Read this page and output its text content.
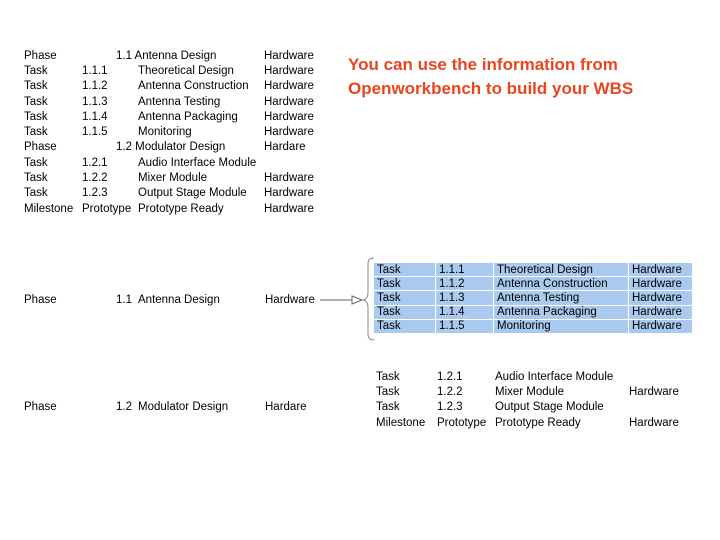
Phase		1.1 Antenna Design	Hardware
Task	1.1.1	Theoretical Design	Hardware
Task	1.1.2	Antenna Construction	Hardware
Task	1.1.3	Antenna Testing	Hardware
Task	1.1.4	Antenna Packaging	Hardware
Task	1.1.5	Monitoring	Hardware
Phase		1.2 Modulator Design	Hardare
Task	1.2.1	Audio Interface Module	
Task	1.2.2	Mixer Module	Hardware
Task	1.2.3	Output Stage Module	Hardware
Milestone	Prototype	Prototype Ready	Hardware
You can use the information from Openworkbench to build your WBS
Phase	1.1 Antenna Design	Hardware
Task	1.1.1	Theoretical Design	Hardware
Task	1.1.2	Antenna Construction	Hardware
Task	1.1.3	Antenna Testing	Hardware
Task	1.1.4	Antenna Packaging	Hardware
Task	1.1.5	Monitoring	Hardware
Phase	1.2 Modulator Design	Hardare
Task	1.2.1	Audio Interface Module	
Task	1.2.2	Mixer Module	Hardware
Task	1.2.3	Output Stage Module	
Milestone	Prototype	Prototype Ready	Hardware
